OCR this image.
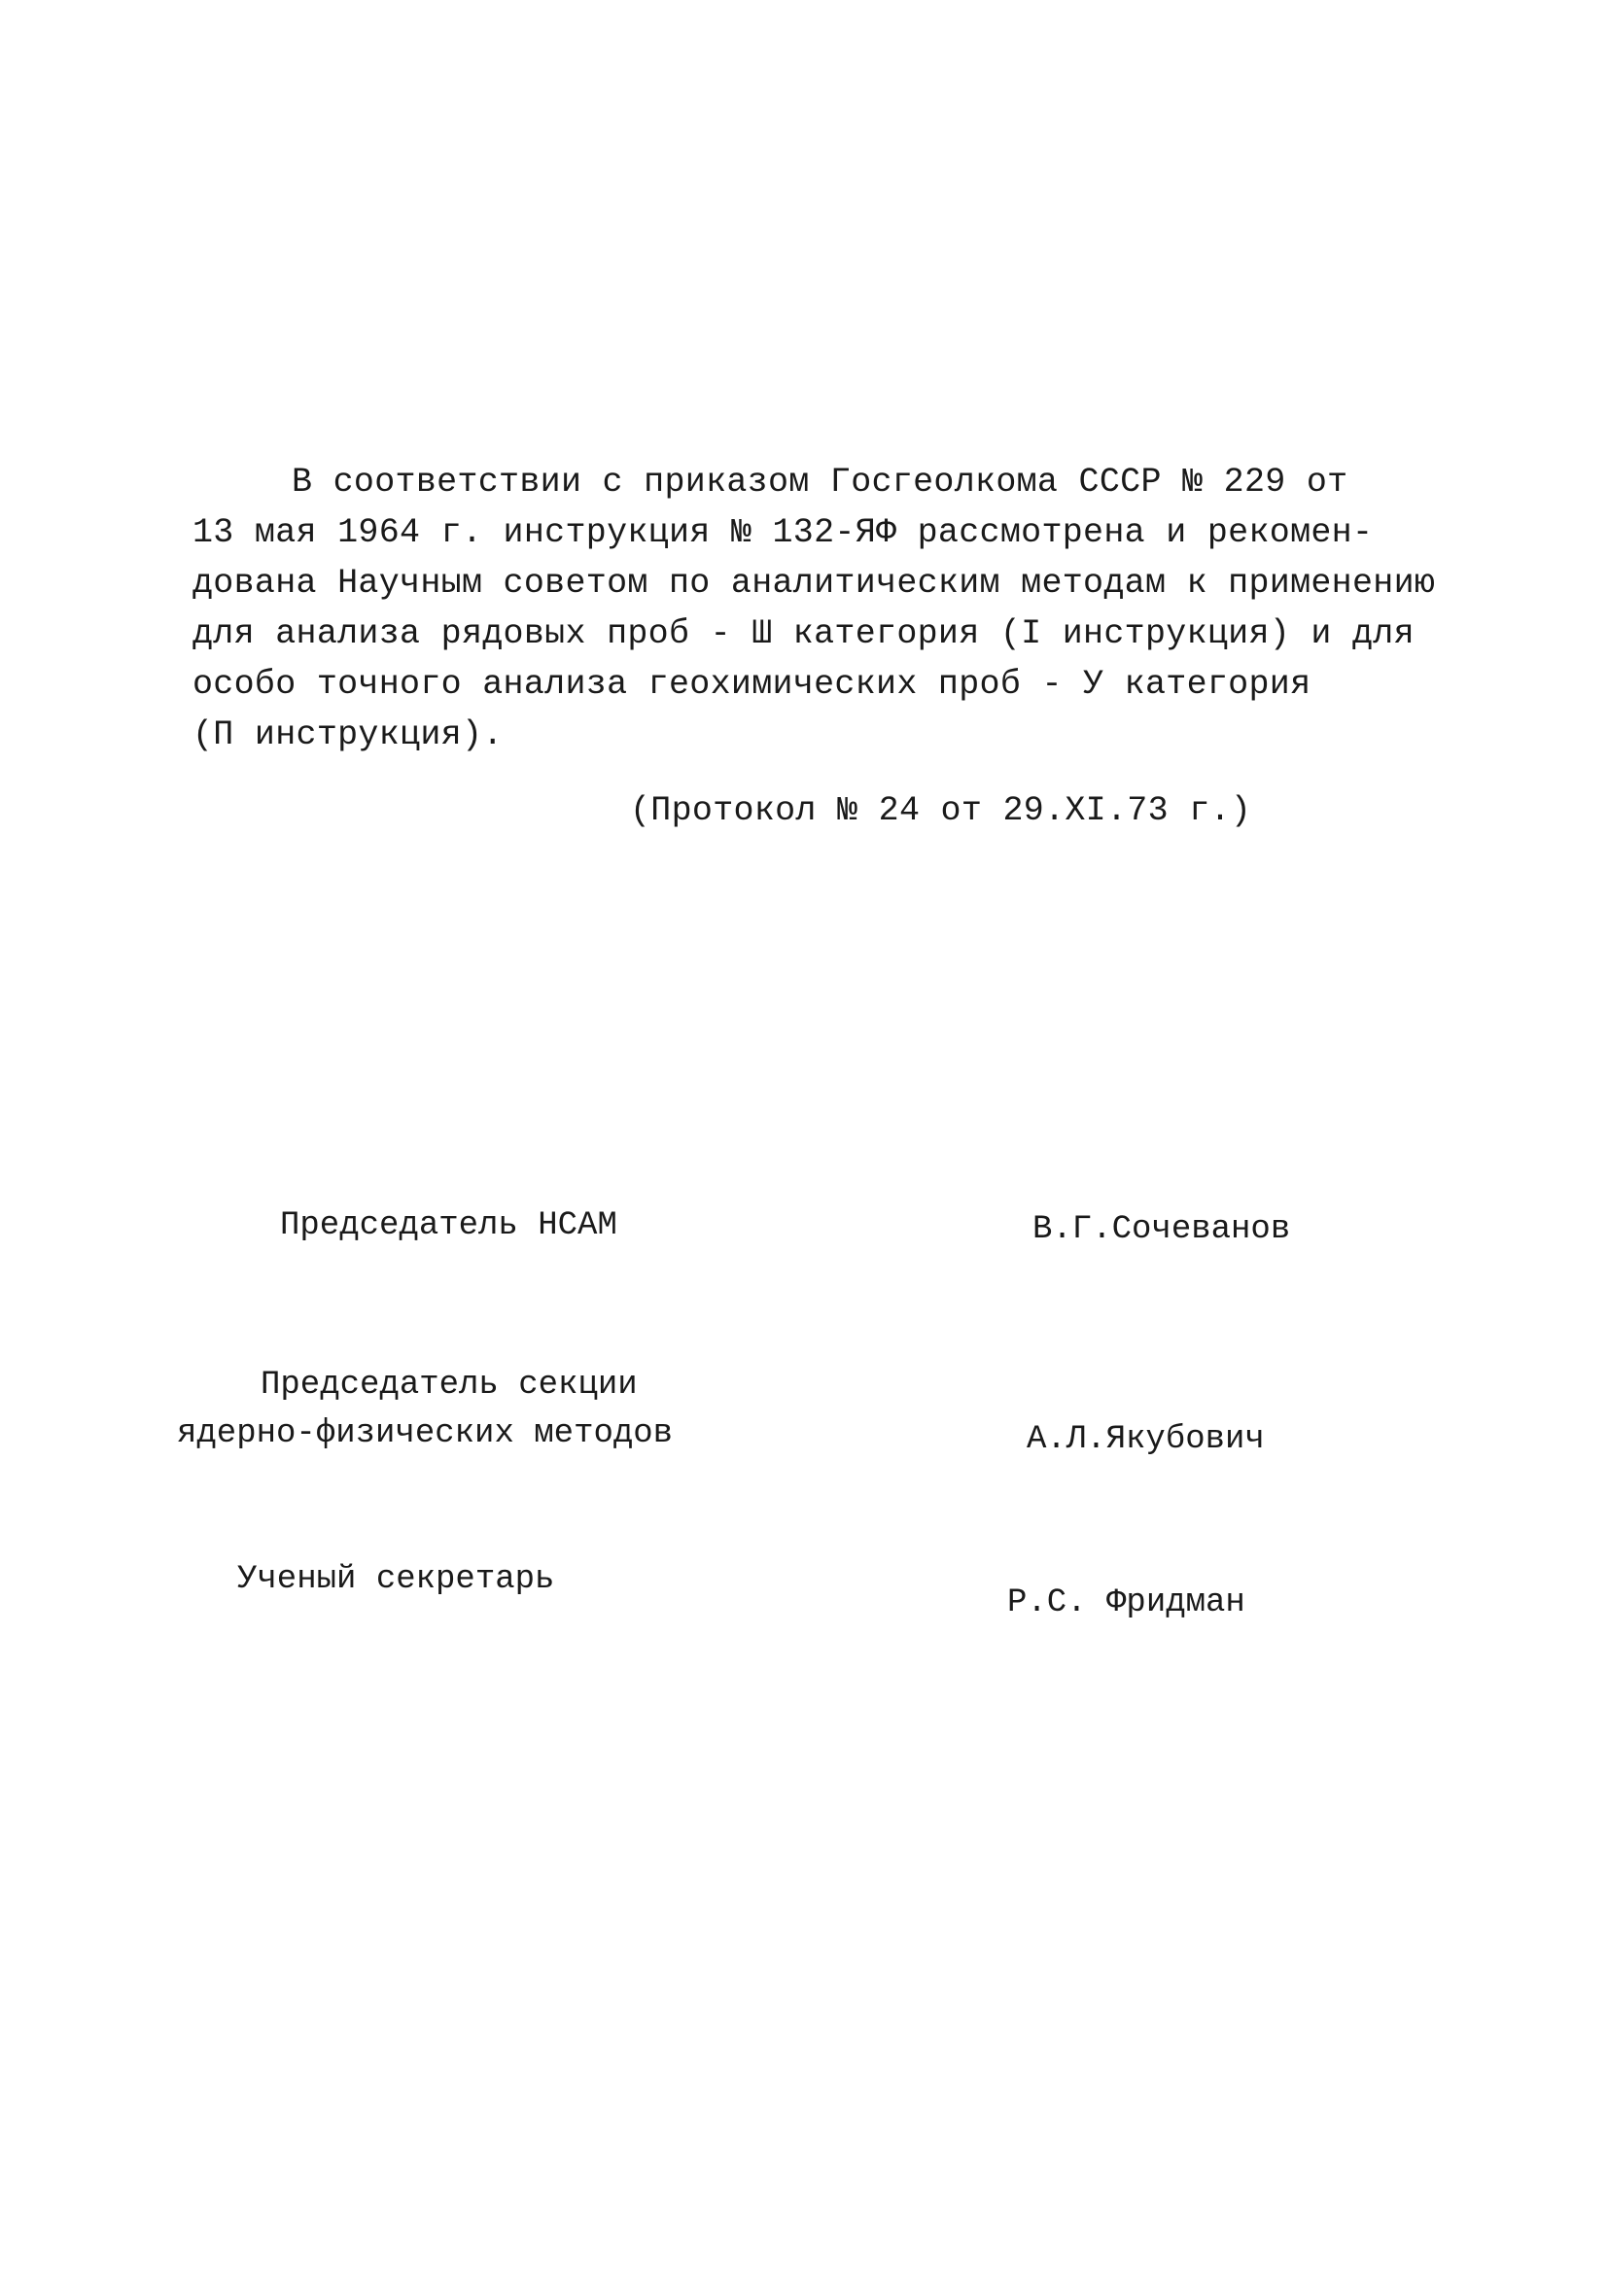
В соответствии с приказом Госгеолкома СССР № 229 от
13 мая 1964 г. инструкция № 132-ЯФ рассмотрена и рекомен-
дована Научным советом по аналитическим методам к применению
для анализа рядовых проб - Ш категория (I инструкция) и для
особо точного анализа геохимических проб - У категория
(П инструкция).
(Протокол № 24 от 29.XI.73 г.)
Председатель НСАМ	В.Г.Сочеванов
Председатель секции
ядерно-физических методов	А.Л.Якубович
Ученый секретарь
Р.С. Фридман
